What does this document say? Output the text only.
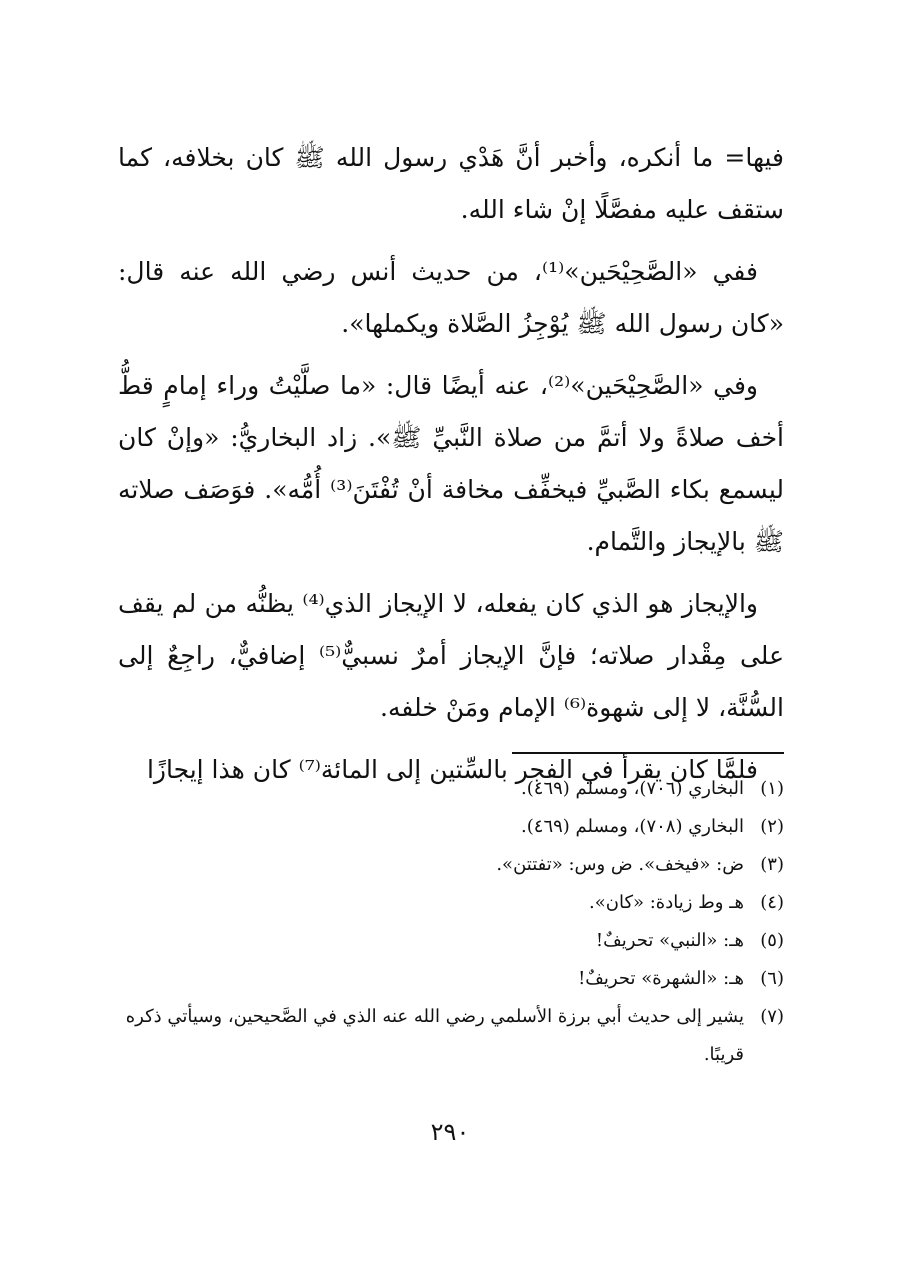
فيها= ما أنكره، وأخبر أنَّ هَدْي رسول الله ﷺ كان بخلافه، كما ستقف عليه مفصَّلًا إنْ شاء الله.

ففي «الصَّحِيْحَين»⁽¹⁾، من حديث أنس رضي الله عنه قال: «كان رسول الله ﷺ يُوْجِزُ الصَّلاة ويكملها».

وفي «الصَّحِيْحَين»⁽²⁾، عنه أيضًا قال: «ما صلَّيْتُ وراء إمامٍ قطُّ أخف صلاةً ولا أتمَّ من صلاة النَّبيِّ ﷺ». زاد البخاريُّ: «وإنْ كان ليسمع بكاء الصَّبيِّ فيخفِّف مخافة أنْ تُفْتَنَ⁽³⁾ أُمُّه». فوَصَف صلاته ﷺ بالإيجاز والتَّمام.

والإيجاز هو الذي كان يفعله، لا الإيجاز الذي⁽⁴⁾ يظنُّه من لم يقف على مِقْدار صلاته؛ فإنَّ الإيجاز أمرٌ نسبيٌّ⁽⁵⁾ إضافيٌّ، راجِعٌ إلى السُّنَّة، لا إلى شهوة⁽⁶⁾ الإمام ومَنْ خلفه.

فلمَّا كان يقرأ في الفجر بالسِّتين إلى المائة⁽⁷⁾ كان هذا إيجازًا

(١)
البخاري (٧٠٦)، ومسلم (٤٦٩).
(٢)
البخاري (٧٠٨)، ومسلم (٤٦٩).
(٣)
ض: «فيخف». ض وس: «تفتتن».
(٤)
هـ وط زيادة: «كان».
(٥)
هـ: «النبي» تحريفٌ!
(٦)
هـ: «الشهرة» تحريفٌ!
(٧)
يشير إلى حديث أبي برزة الأسلمي رضي الله عنه الذي في الصَّحيحين، وسيأتي ذكره قريبًا.
٢٩٠
